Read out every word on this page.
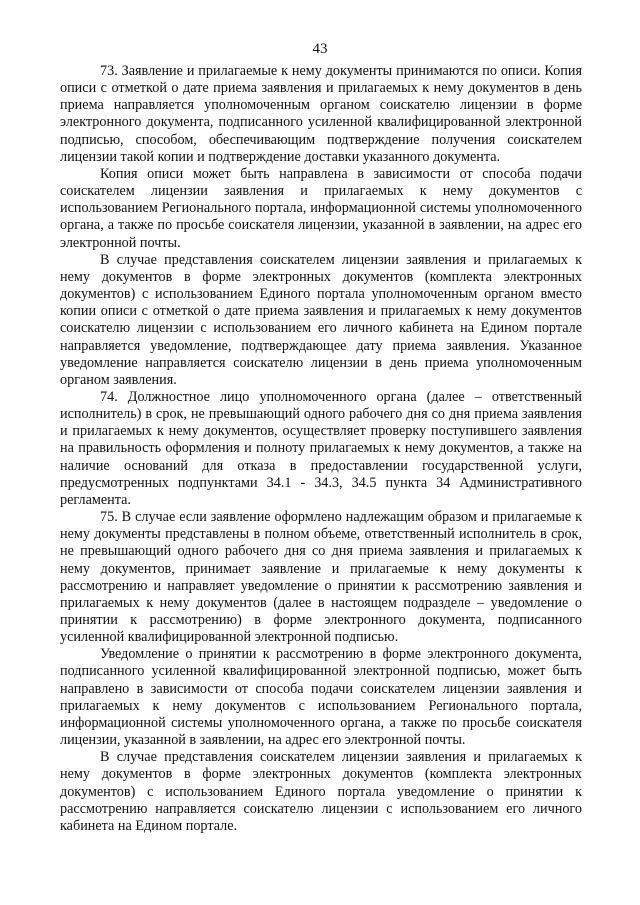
43

73. Заявление и прилагаемые к нему документы принимаются по описи. Копия описи с отметкой о дате приема заявления и прилагаемых к нему документов в день приема направляется уполномоченным органом соискателю лицензии в форме электронного документа, подписанного усиленной квалифицированной электронной подписью, способом, обеспечивающим подтверждение получения соискателем лицензии такой копии и подтверждение доставки указанного документа.

Копия описи может быть направлена в зависимости от способа подачи соискателем лицензии заявления и прилагаемых к нему документов с использованием Регионального портала, информационной системы уполномоченного органа, а также по просьбе соискателя лицензии, указанной в заявлении, на адрес его электронной почты.

В случае представления соискателем лицензии заявления и прилагаемых к нему документов в форме электронных документов (комплекта электронных документов) с использованием Единого портала уполномоченным органом вместо копии описи с отметкой о дате приема заявления и прилагаемых к нему документов соискателю лицензии с использованием его личного кабинета на Едином портале направляется уведомление, подтверждающее дату приема заявления. Указанное уведомление направляется соискателю лицензии в день приема уполномоченным органом заявления.

74. Должностное лицо уполномоченного органа (далее – ответственный исполнитель) в срок, не превышающий одного рабочего дня со дня приема заявления и прилагаемых к нему документов, осуществляет проверку поступившего заявления на правильность оформления и полноту прилагаемых к нему документов, а также на наличие оснований для отказа в предоставлении государственной услуги, предусмотренных подпунктами 34.1 - 34.3, 34.5 пункта 34 Административного регламента.

75. В случае если заявление оформлено надлежащим образом и прилагаемые к нему документы представлены в полном объеме, ответственный исполнитель в срок, не превышающий одного рабочего дня со дня приема заявления и прилагаемых к нему документов, принимает заявление и прилагаемые к нему документы к рассмотрению и направляет уведомление о принятии к рассмотрению заявления и прилагаемых к нему документов (далее в настоящем подразделе – уведомление о принятии к рассмотрению) в форме электронного документа, подписанного усиленной квалифицированной электронной подписью.

Уведомление о принятии к рассмотрению в форме электронного документа, подписанного усиленной квалифицированной электронной подписью, может быть направлено в зависимости от способа подачи соискателем лицензии заявления и прилагаемых к нему документов с использованием Регионального портала, информационной системы уполномоченного органа, а также по просьбе соискателя лицензии, указанной в заявлении, на адрес его электронной почты.

В случае представления соискателем лицензии заявления и прилагаемых к нему документов в форме электронных документов (комплекта электронных документов) с использованием Единого портала уведомление о принятии к рассмотрению направляется соискателю лицензии с использованием его личного кабинета на Едином портале.
